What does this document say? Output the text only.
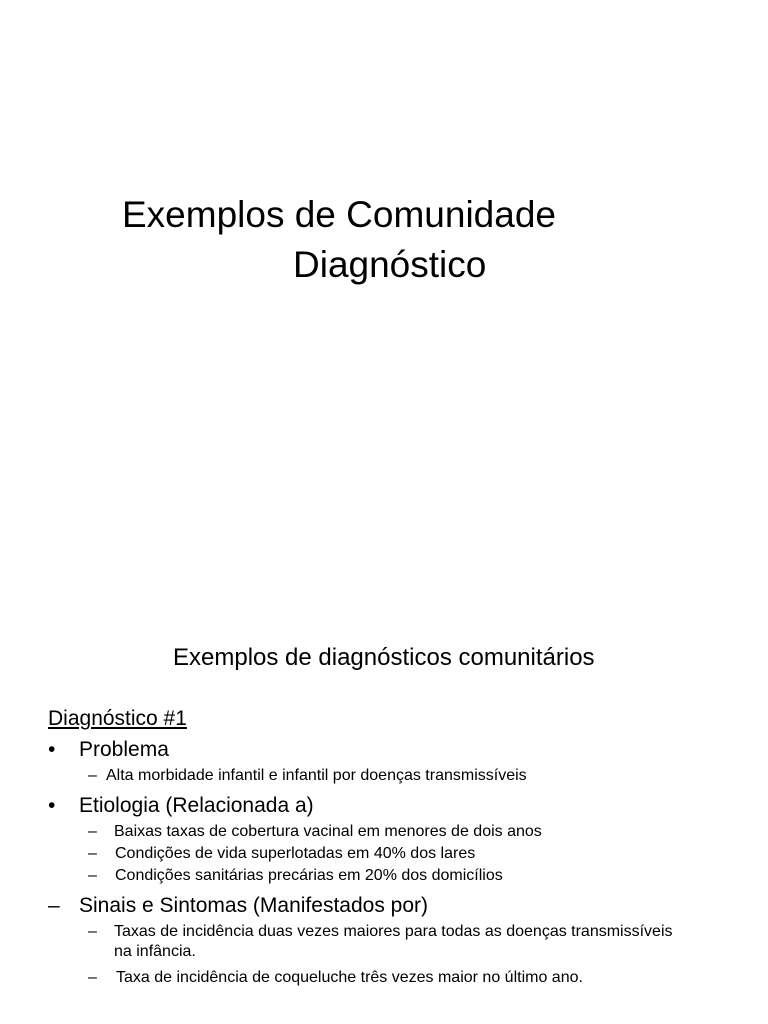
Exemplos de Comunidade
Diagnóstico
Exemplos de diagnósticos comunitários
Diagnóstico #1
•	Problema
– Alta morbidade infantil e infantil por doenças transmissíveis
•	Etiologia (Relacionada a)
– Baixas taxas de cobertura vacinal em menores de dois anos
– Condições de vida superlotadas em 40% dos lares
– Condições sanitárias precárias em 20% dos domicílios
– Sinais e Sintomas (Manifestados por)
– Taxas de incidência duas vezes maiores para todas as doenças transmissíveis na infância.
– Taxa de incidência de coqueluche três vezes maior no último ano.
